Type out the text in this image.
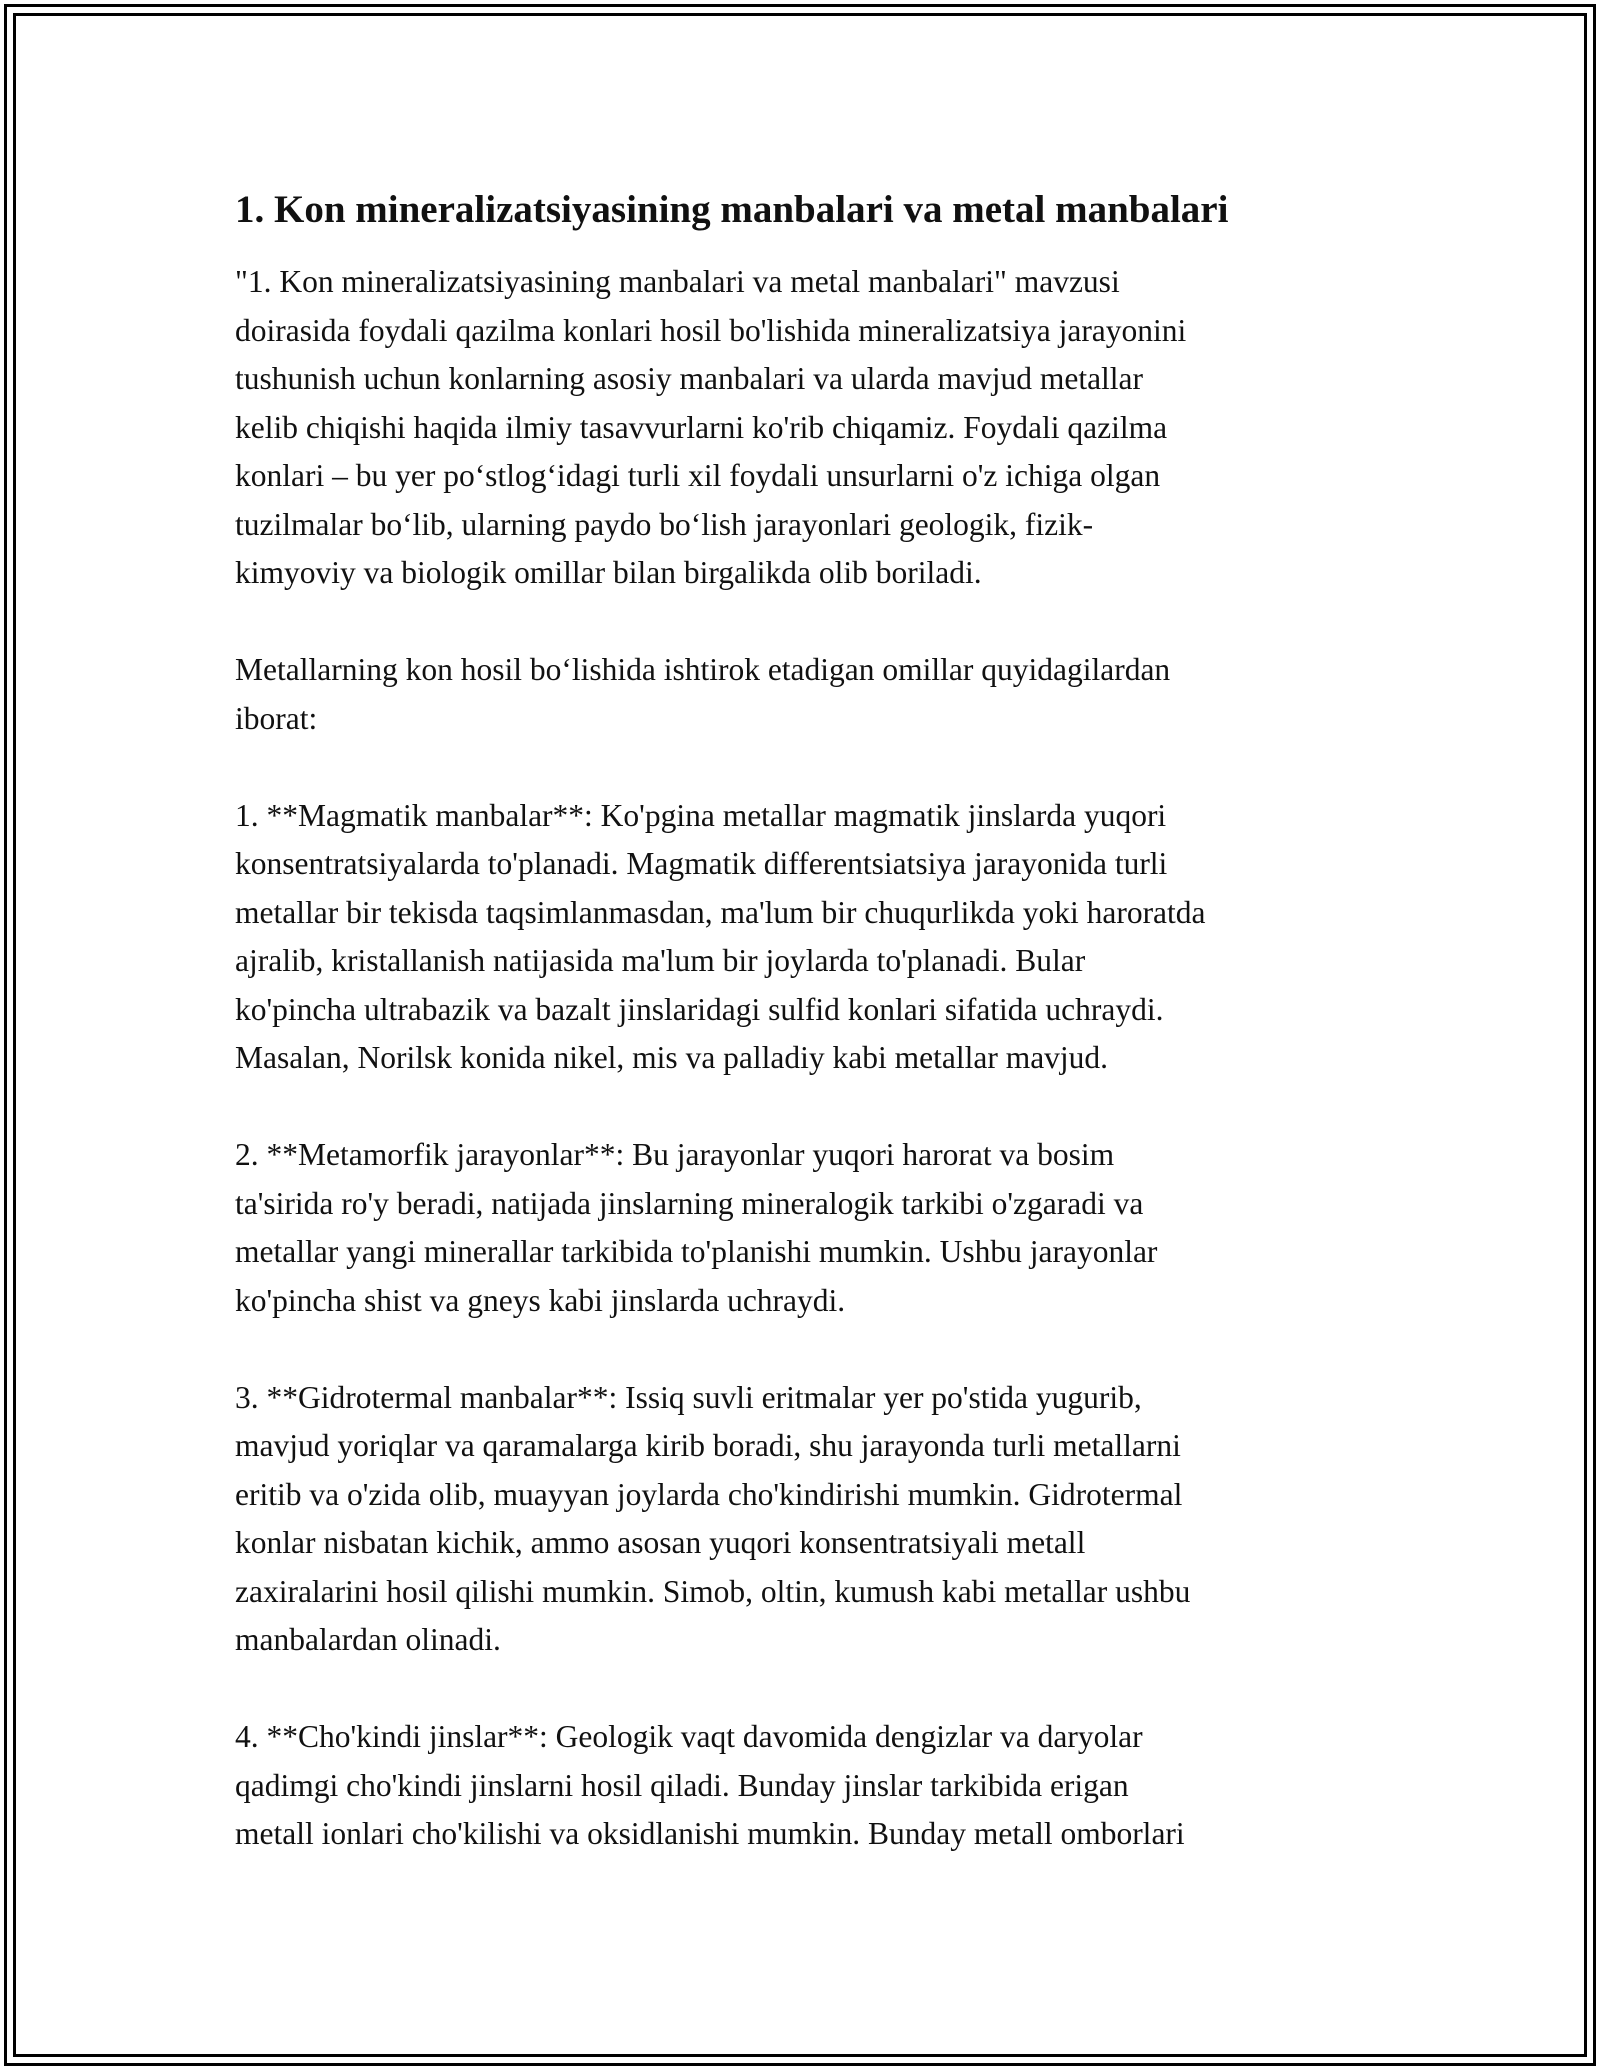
1. Kon mineralizatsiyasining manbalari va metal manbalari
"1. Kon mineralizatsiyasining manbalari va metal manbalari" mavzusi
doirasida foydali qazilma konlari hosil bo'lishida mineralizatsiya jarayonini
tushunish uchun konlarning asosiy manbalari va ularda mavjud metallar
kelib chiqishi haqida ilmiy tasavvurlarni ko'rib chiqamiz. Foydali qazilma
konlari – bu yer po‘stlog‘idagi turli xil foydali unsurlarni o'z ichiga olgan
tuzilmalar bo‘lib, ularning paydo bo‘lish jarayonlari geologik, fizik-
kimyoviy va biologik omillar bilan birgalikda olib boriladi.
Metallarning kon hosil bo‘lishida ishtirok etadigan omillar quyidagilardan
iborat:
1. **Magmatik manbalar**: Ko'pgina metallar magmatik jinslarda yuqori
konsentratsiyalarda to'planadi. Magmatik differentsiatsiya jarayonida turli
metallar bir tekisda taqsimlanmasdan, ma'lum bir chuqurlikda yoki haroratda
ajralib, kristallanish natijasida ma'lum bir joylarda to'planadi. Bular
ko'pincha ultrabazik va bazalt jinslaridagi sulfid konlari sifatida uchraydi.
Masalan, Norilsk konida nikel, mis va palladiy kabi metallar mavjud.
2. **Metamorfik jarayonlar**: Bu jarayonlar yuqori harorat va bosim
ta'sirida ro'y beradi, natijada jinslarning mineralogik tarkibi o'zgaradi va
metallar yangi minerallar tarkibida to'planishi mumkin. Ushbu jarayonlar
ko'pincha shist va gneys kabi jinslarda uchraydi.
3. **Gidrotermal manbalar**: Issiq suvli eritmalar yer po'stida yugurib,
mavjud yoriqlar va qaramalarga kirib boradi, shu jarayonda turli metallarni
eritib va o'zida olib, muayyan joylarda cho'kindirishi mumkin. Gidrotermal
konlar nisbatan kichik, ammo asosan yuqori konsentratsiyali metall
zaxiralarini hosil qilishi mumkin. Simob, oltin, kumush kabi metallar ushbu
manbalardan olinadi.
4. **Cho'kindi jinslar**: Geologik vaqt davomida dengizlar va daryolar
qadimgi cho'kindi jinslarni hosil qiladi. Bunday jinslar tarkibida erigan
metall ionlari cho'kilishi va oksidlanishi mumkin. Bunday metall omborlari
